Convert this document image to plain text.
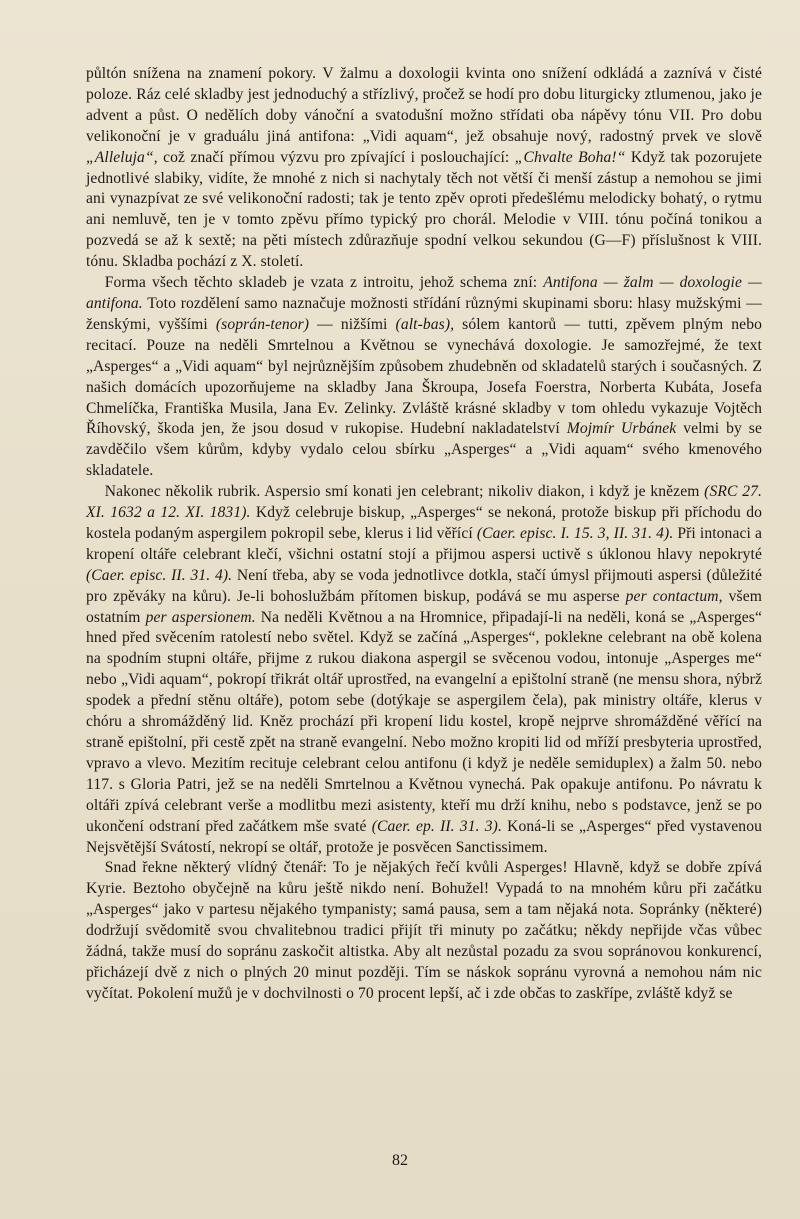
půltón snížena na znamení pokory. V žalmu a doxologii kvinta ono snížení odkládá a zaznívá v čisté poloze. Ráz celé skladby jest jednoduchý a střízlivý, pročež se hodí pro dobu liturgicky ztlumenou, jako je advent a půst. O nedělích doby vánoční a svatodušní možno střídati oba nápěvy tónu VII. Pro dobu velikonoční je v graduálu jiná antifona: „Vidi aquam“, jež obsahuje nový, radostný prvek ve slově „Alleluja“, což značí přímou výzvu pro zpívající i poslouchající: „Chvalte Boha!“ Když tak pozorujete jednotlivé slabiky, vidíte, že mnohé z nich si nachytaly těch not větší či menší zástup a nemohou se jimi ani vynazpívat ze své velikonoční radosti; tak je tento zpěv oproti předešlému melodicky bohatý, o rytmu ani nemluvě, ten je v tomto zpěvu přímo typický pro chorál. Melodie v VIII. tónu počíná tonikou a pozvedá se až k sextě; na pěti místech zdůrazňuje spodní velkou sekundou (G—F) příslušnost k VIII. tónu. Skladba pochází z X. století.

Forma všech těchto skladeb je vzata z introitu, jehož schema zní: Antifona — žalm — doxologie — antifona. Toto rozdělení samo naznačuje možnosti střídání různými skupinami sboru: hlasy mužskými — ženskými, vyššími (soprán-tenor) — nižšími (alt-bas), sólem kantorů — tutti, zpěvem plným nebo recitací. Pouze na neděli Smrtelnou a Květnou se vynechává doxologie. Je samozřejmé, že text „Asperges“ a „Vidi aquam“ byl nejrůznějším způsobem zhudebněn od skladatelů starých i současných. Z našich domácích upozorňujeme na skladby Jana Škroupa, Josefa Foerstra, Norberta Kubáta, Josefa Chmelíčka, Františka Musila, Jana Ev. Zelinky. Zvláště krásné skladby v tom ohledu vykazuje Vojtěch Říhovský, škoda jen, že jsou dosud v rukopise. Hudební nakladatelství Mojmír Urbánek velmi by se zavděčilo všem kůrům, kdyby vydalo celou sbírku „Asperges“ a „Vidi aquam“ svého kmenového skladatele.

Nakonec několik rubrik. Aspersio smí konati jen celebrant; nikoliv diakon, i když je knězem (SRC 27. XI. 1632 a 12. XI. 1831). Když celebruje biskup, „Asperges“ se nekoná, protože biskup při příchodu do kostela podaným aspergilem pokropil sebe, klerus i lid věřící (Caer. episc. I. 15. 3, II. 31. 4). Při intonaci a kropení oltáře celebrant klečí, všichni ostatní stojí a přijmou aspersi uctivě s úklonou hlavy nepokryté (Caer. episc. II. 31. 4). Není třeba, aby se voda jednotlivce dotkla, stačí úmysl přijmouti aspersi (důležité pro zpěváky na kůru). Je-li bohoslužbám přítomen biskup, podává se mu asperse per contactum, všem ostatním per aspersionem. Na neděli Květnou a na Hromnice, připadají-li na neděli, koná se „Asperges“ hned před svěcením ratolestí nebo světel. Když se začíná „Asperges“, poklekne celebrant na obě kolena na spodním stupni oltáře, přijme z rukou diakona aspergil se svěcenou vodou, intonuje „Asperges me“ nebo „Vidi aquam“, pokropí třikrát oltář uprostřed, na evangelní a epištolní straně (ne mensu shora, nýbrž spodek a přední stěnu oltáře), potom sebe (dotýkaje se aspergilem čela), pak ministry oltáře, klerus v chóru a shromážděný lid. Kněz prochází při kropení lidu kostel, kropě nejprve shromážděné věřící na straně epištolní, při cestě zpět na straně evangelní. Nebo možno kropiti lid od mříží presbyteria uprostřed, vpravo a vlevo. Mezitím recituje celebrant celou antifonu (i když je neděle semiduplex) a žalm 50. nebo 117. s Gloria Patri, jež se na neděli Smrtelnou a Květnou vynechá. Pak opakuje antifonu. Po návratu k oltáři zpívá celebrant verše a modlitbu mezi asistenty, kteří mu drží knihu, nebo s podstavce, jenž se po ukončení odstraní před začátkem mše svaté (Caer. ep. II. 31. 3). Koná-li se „Asperges“ před vystavenou Nejsvětější Svátostí, nekropí se oltář, protože je posvěcen Sanctissimem.

Snad řekne některý vlídný čtenář: To je nějakých řečí kvůli Asperges! Hlavně, když se dobře zpívá Kyrie. Beztoho obyčejně na kůru ještě nikdo není. Bohužel! Vypadá to na mnohém kůru při začátku „Asperges“ jako v partesu nějakého tympanisty; samá pausa, sem a tam nějaká nota. Sopránky (některé) dodržují svědomitě svou chvalitebnou tradici přijít tři minuty po začátku; někdy nepřijde včas vůbec žádná, takže musí do sopránu zaskočit altistka. Aby alt nezůstal pozadu za svou sopránovou konkurencí, přicházejí dvě z nich o plných 20 minut později. Tím se náskok sopránu vyrovná a nemohou nám nic vyčítat. Pokolení mužů je v dochvilnosti o 70 procent lepší, ač i zde občas to zaskřípe, zvláště když se

82
